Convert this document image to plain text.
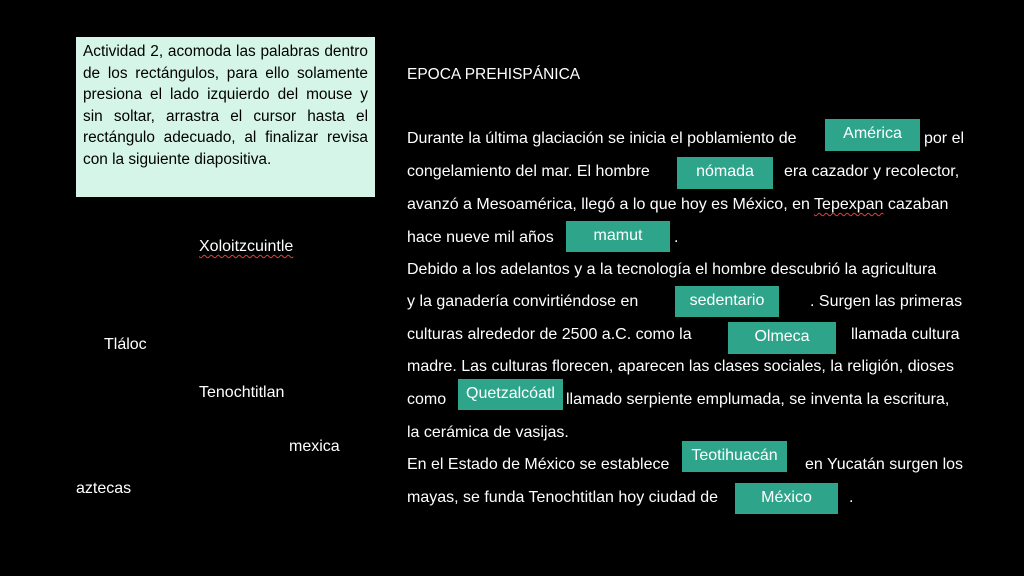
Actividad 2, acomoda las palabras dentro de los rectángulos, para ello solamente presiona el lado izquierdo del mouse y sin soltar, arrastra el cursor hasta el rectángulo adecuado, al finalizar revisa con la siguiente diapositiva.
Xoloitzcuintle
Tláloc
Tenochtitlan
mexica
aztecas
EPOCA PREHISPÁNICA
Durante la última glaciación se inicia el poblamiento de	por el
congelamiento del mar. El hombre	era cazador y recolector,
avanzó a Mesoamérica, llegó a lo que hoy es México, en Tepexpan cazaban
hace nueve mil años	.
Debido a los adelantos y a la tecnología el hombre descubrió la agricultura
y la ganadería convirtiéndose en	. Surgen las primeras
culturas alrededor de 2500 a.C. como la	llamada cultura
madre. Las culturas florecen, aparecen las clases sociales, la religión, dioses
como	llamado serpiente emplumada, se inventa la escritura,
la cerámica de vasijas.
En el Estado de México se establece	en Yucatán surgen los
mayas, se funda Tenochtitlan hoy ciudad de	.
América
nómada
mamut
sedentario
Olmeca
Quetzalcóatl
Teotihuacán
México
